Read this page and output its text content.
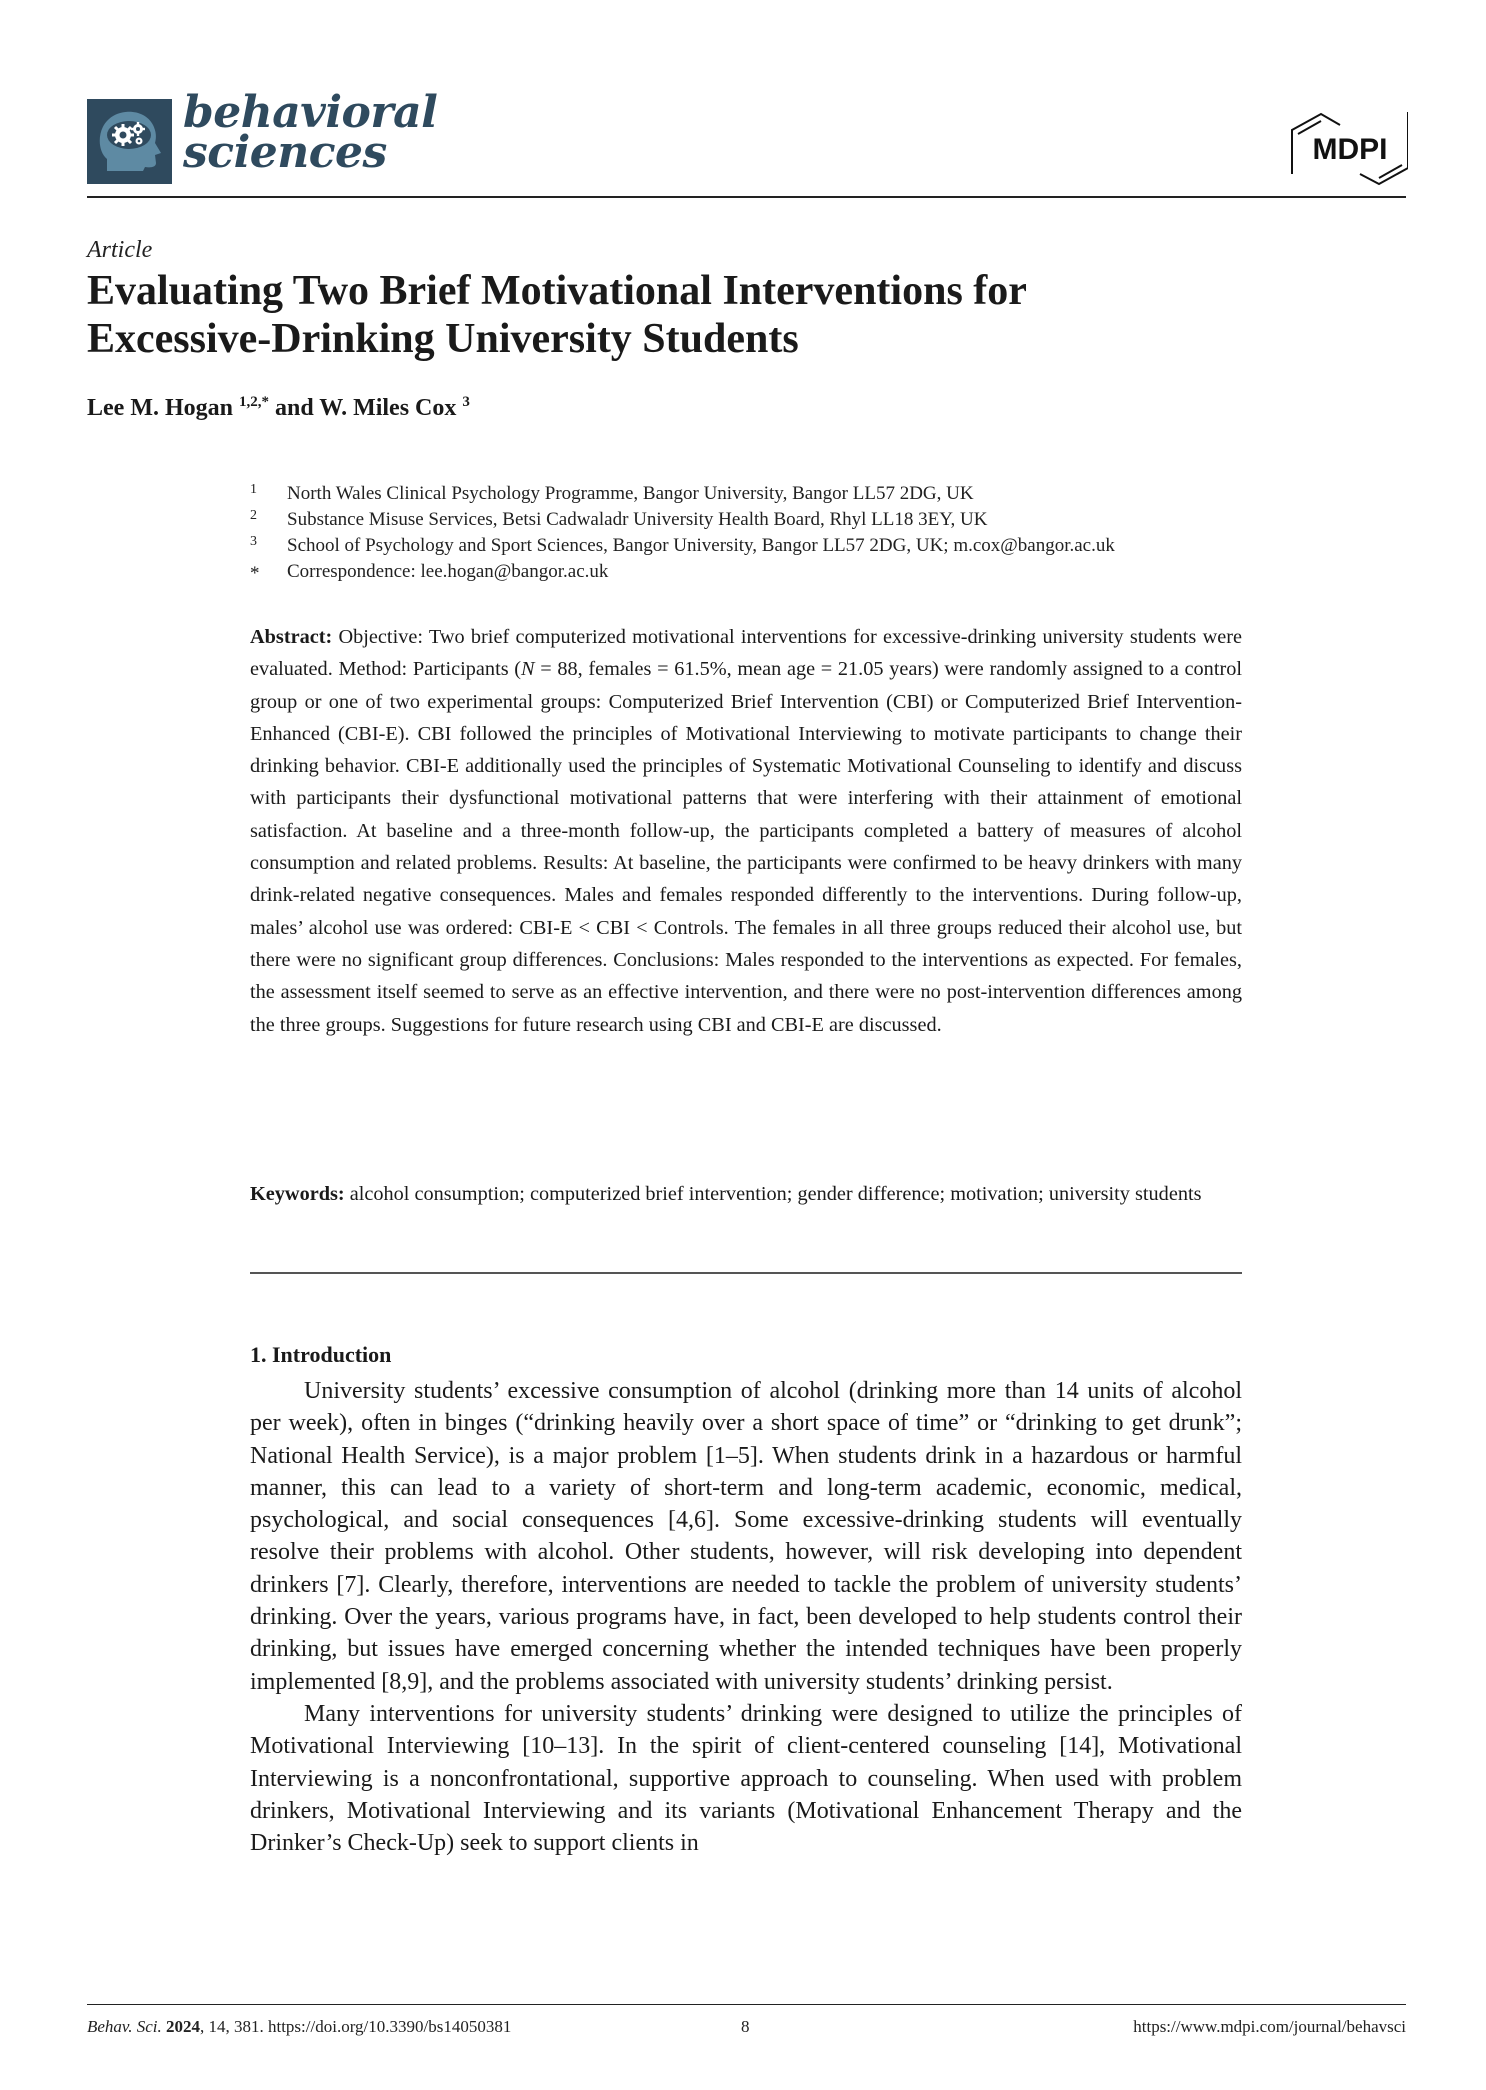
behavioral
sciences	MDPI
Article
Evaluating Two Brief Motivational Interventions for
Excessive-Drinking University Students
Lee M. Hogan $^{1,2,*}$ and W. Miles Cox $^3$
1	North Wales Clinical Psychology Programme, Bangor University, Bangor LL57 2DG, UK
2	Substance Misuse Services, Betsi Cadwaladr University Health Board, Rhyl LL18 3EY, UK
3	School of Psychology and Sport Sciences, Bangor University, Bangor LL57 2DG, UK; m.cox@bangor.ac.uk
*	Correspondence: lee.hogan@bangor.ac.uk
Abstract: Objective: Two brief computerized motivational interventions for excessive-drinking university students were evaluated. Method: Participants (N = 88, females = 61.5%, mean age = 21.05 years) were randomly assigned to a control group or one of two experimental groups: Computerized Brief Intervention (CBI) or Computerized Brief Intervention-Enhanced (CBI-E). CBI followed the principles of Motivational Interviewing to motivate participants to change their drinking behavior. CBI-E additionally used the principles of Systematic Motivational Counseling to identify and discuss with participants their dysfunctional motivational patterns that were interfering with their attainment of emotional satisfaction. At baseline and a three-month follow-up, the participants completed a battery of measures of alcohol consumption and related problems. Results: At baseline, the participants were confirmed to be heavy drinkers with many drink-related negative consequences. Males and females responded differently to the interventions. During follow-up, males’ alcohol use was ordered: CBI-E < CBI < Controls. The females in all three groups reduced their alcohol use, but there were no significant group differences. Conclusions: Males responded to the interventions as expected. For females, the assessment itself seemed to serve as an effective intervention, and there were no post-intervention differences among the three groups. Suggestions for future research using CBI and CBI-E are discussed.
Keywords: alcohol consumption; computerized brief intervention; gender difference; motivation; university students
1. Introduction

University students’ excessive consumption of alcohol (drinking more than 14 units of alcohol per week), often in binges (“drinking heavily over a short space of time” or “drinking to get drunk”; National Health Service), is a major problem [1–5]. When students drink in a hazardous or harmful manner, this can lead to a variety of short-term and long-term academic, economic, medical, psychological, and social consequences [4,6]. Some excessive-drinking students will eventually resolve their problems with alcohol. Other students, however, will risk developing into dependent drinkers [7]. Clearly, therefore, interventions are needed to tackle the problem of university students’ drinking. Over the years, various programs have, in fact, been developed to help students control their drinking, but issues have emerged concerning whether the intended techniques have been properly implemented [8,9], and the problems associated with university students’ drinking persist.

Many interventions for university students’ drinking were designed to utilize the principles of Motivational Interviewing [10–13]. In the spirit of client-centered counseling [14], Motivational Interviewing is a nonconfrontational, supportive approach to counseling. When used with problem drinkers, Motivational Interviewing and its variants (Motivational Enhancement Therapy and the Drinker’s Check-Up) seek to support clients in

Behav. Sci. 2024, 14, 381. https://doi.org/10.3390/bs14050381	8	https://www.mdpi.com/journal/behavsci
